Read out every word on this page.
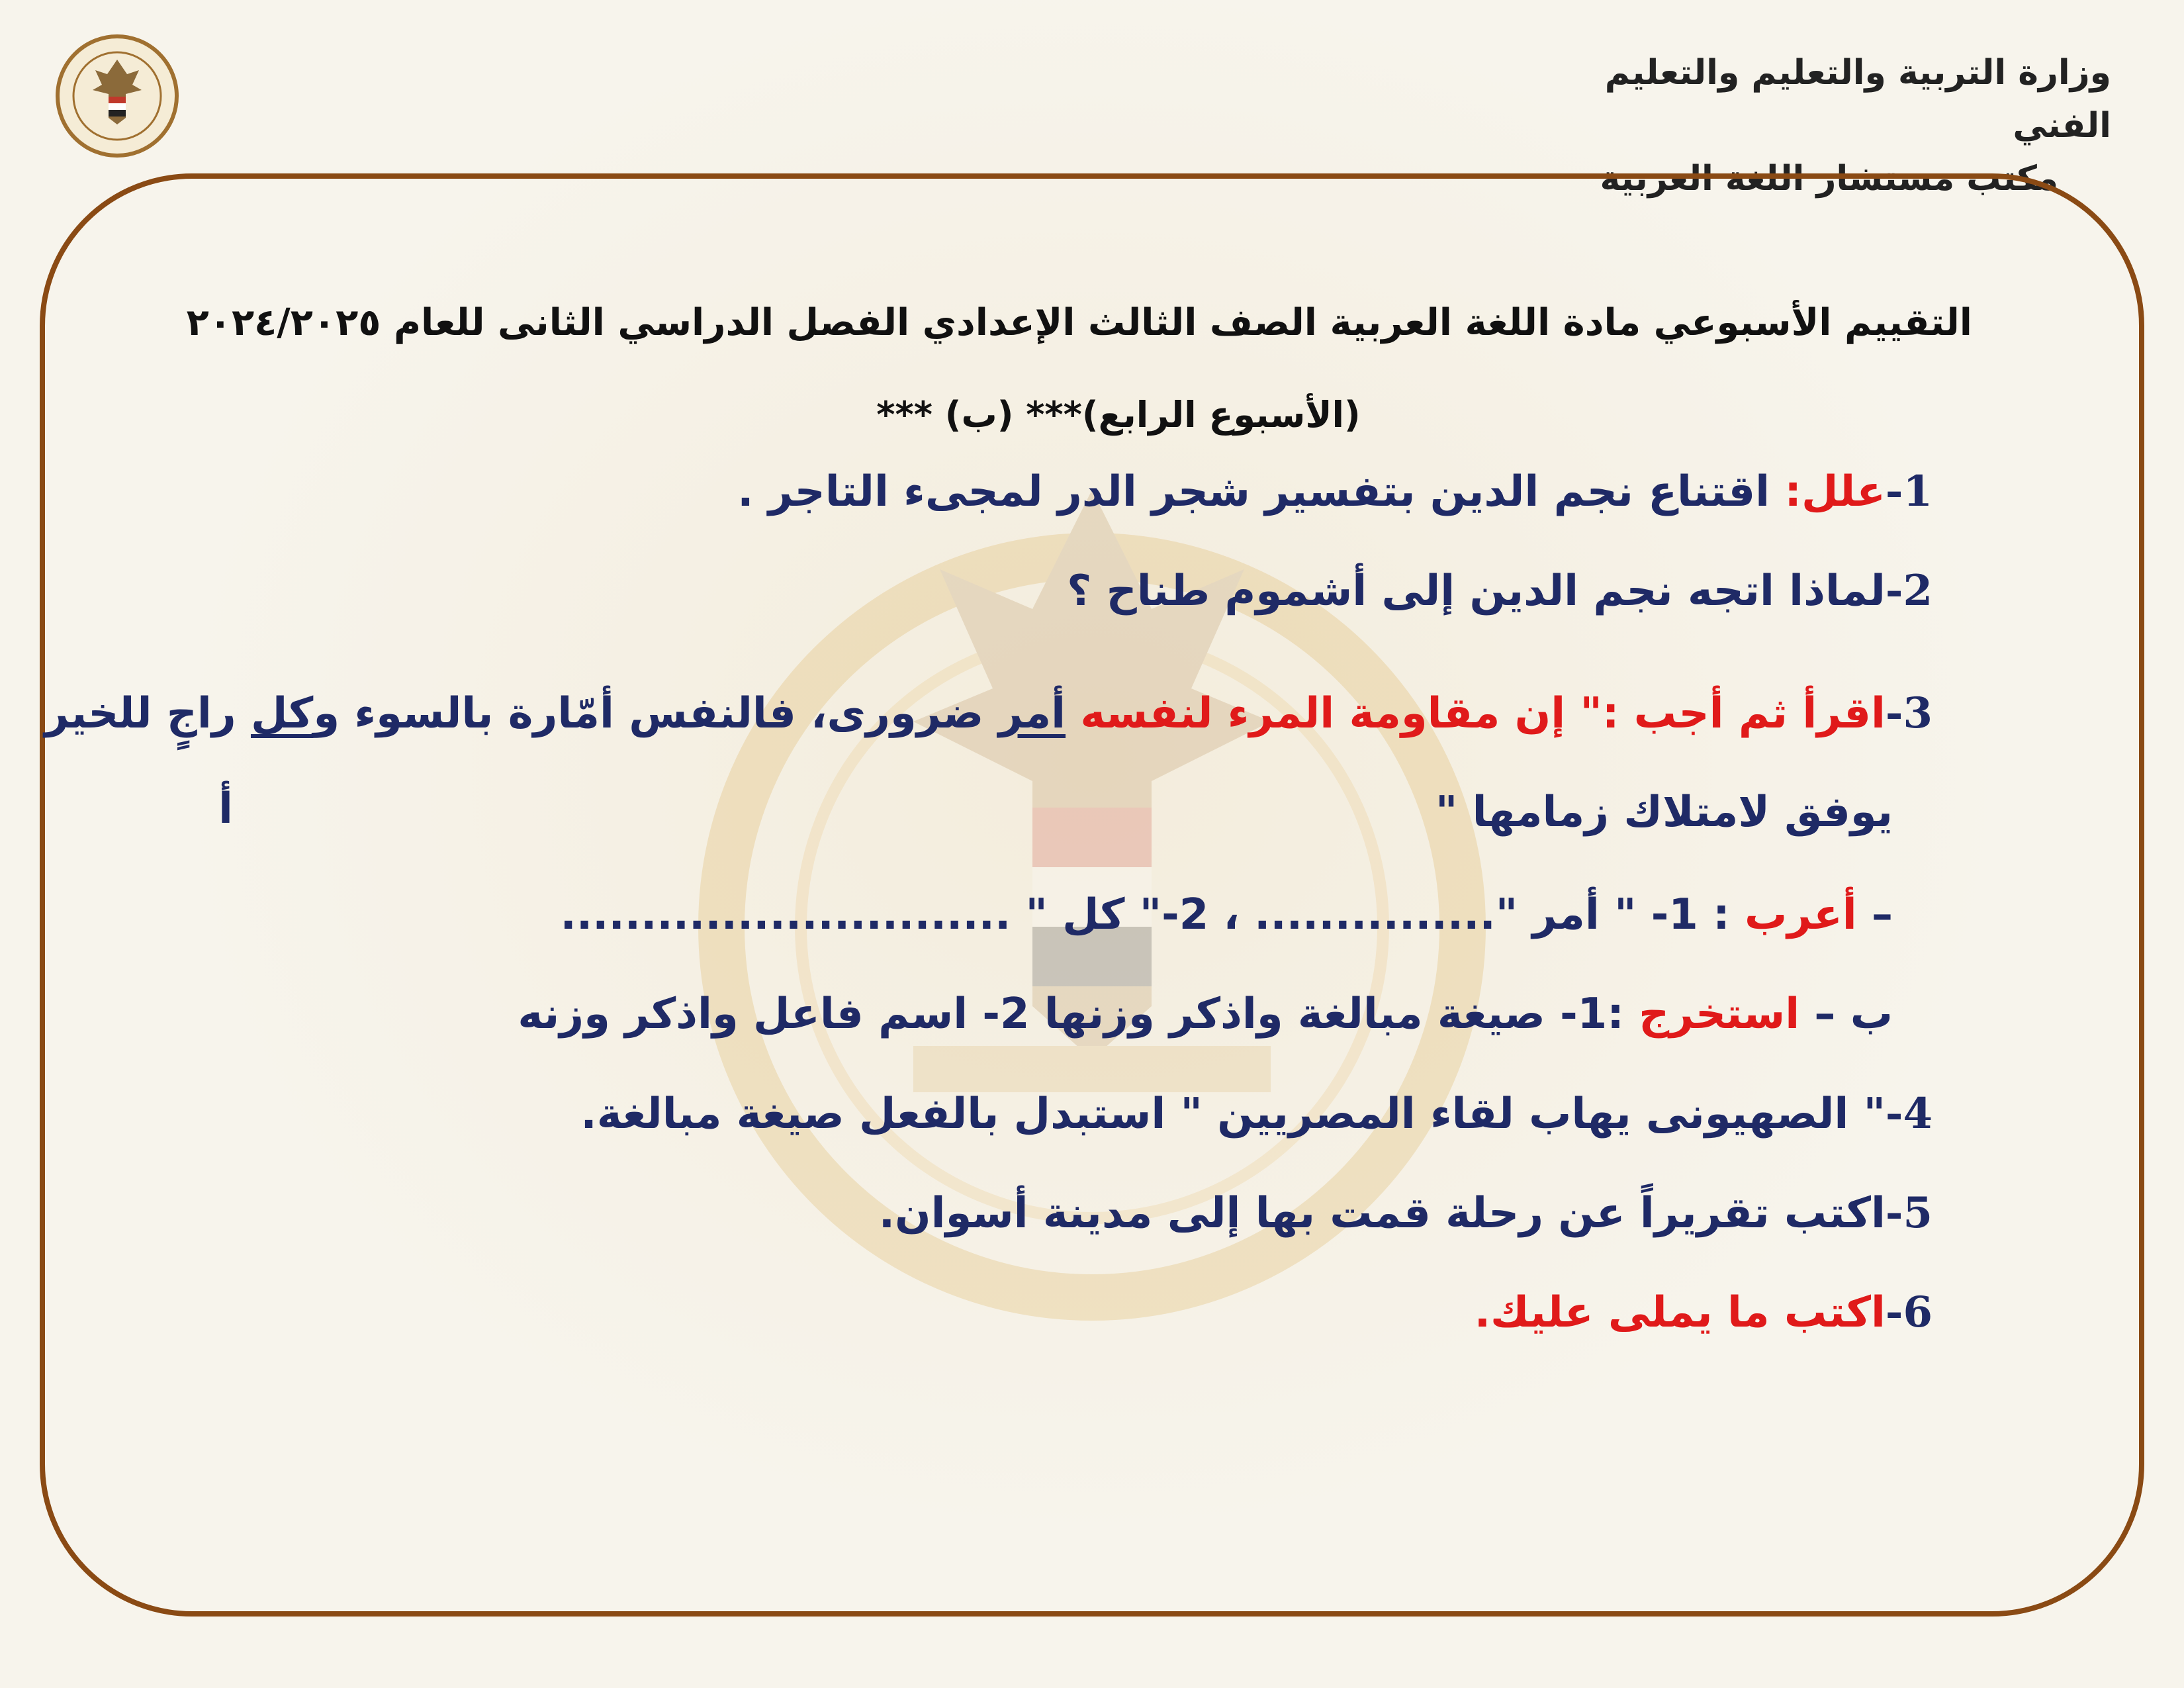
وزارة التربية والتعليم والتعليم الفني
مكتب مستشار اللغة العربية
التقييم الأسبوعي مادة اللغة العربية الصف الثالث الإعدادي الفصل الدراسي الثانى للعام ٢٠٢٤/٢٠٢٥
(الأسبوع الرابع)*** (ب) ***
1-علل: اقتناع نجم الدين بتفسير شجر الدر لمجىء التاجر .
2-لماذا اتجه نجم الدين إلى أشموم طناح ؟
3-اقرأ ثم أجب :" إن مقاومة المرء لنفسه أمر ضرورى، فالنفس أمّارة بالسوء وكل راجٍ للخير
يوفق لامتلاك زمامها "
أ
– أعرب : 1- " أمر "............... ، 2-" كل " ............................
ب – استخرج :1- صيغة مبالغة واذكر وزنها 2- اسم فاعل واذكر وزنه
4-" الصهيونى يهاب لقاء المصريين " استبدل بالفعل صيغة مبالغة.
5-اكتب تقريراً عن رحلة قمت بها إلى مدينة أسوان.
6-اكتب ما يملى عليك.
